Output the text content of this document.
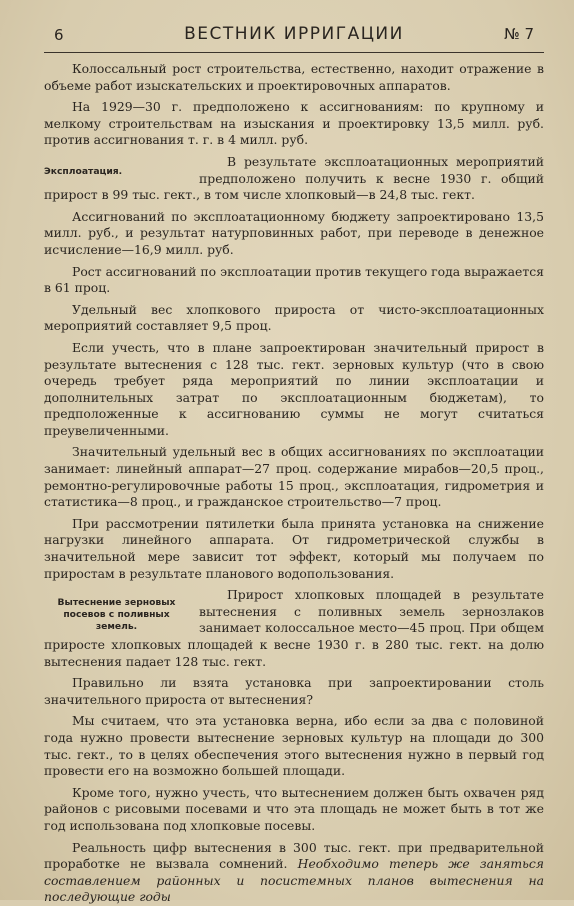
6	ВЕСТНИК ИРРИГАЦИИ	№ 7

Колоссальный рост строительства, естественно, находит отражение в объеме работ изыскательских и проектировочных аппаратов.

На 1929—30 г. предположено к ассигнованиям: по крупному и мелкому строительствам на изыскания и проектировку 13,5 милл. руб. против ассигнования т. г. в 4 милл. руб.

Эксплоатация.

В результате эксплоатационных мероприятий предположено получить к весне 1930 г. общий прирост в 99 тыс. гект., в том числе хлопковый—в 24,8 тыс. гект.

Ассигнований по эксплоатационному бюджету запроектировано 13,5 милл. руб., и результат натурповинных работ, при переводе в денежное исчисление—16,9 милл. руб.

Рост ассигнований по эксплоатации против текущего года выражается в 61 проц.

Удельный вес хлопкового прироста от чисто-эксплоатационных мероприятий составляет 9,5 проц.

Если учесть, что в плане запроектирован значительный прирост в результате вытеснения с 128 тыс. гект. зерновых культур (что в свою очередь требует ряда мероприятий по линии эксплоатации и дополнительных затрат по эксплоатационным бюджетам), то предположенные к ассигнованию суммы не могут считаться преувеличенными.

Значительный удельный вес в общих ассигнованиях по эксплоатации занимает: линейный аппарат—27 проц. содержание мирабов—20,5 проц., ремонтно-регулировочные работы 15 проц., эксплоатация, гидрометрия и статистика—8 проц., и гражданское строительство—7 проц.

При рассмотрении пятилетки была принята установка на снижение нагрузки линейного аппарата. От гидрометрической службы в значительной мере зависит тот эффект, который мы получаем по приростам в результате планового водопользования.

Вытеснение зерновых посевов с поливных земель.

Прирост хлопковых площадей в результате вытеснения с поливных земель зернозлаков занимает колоссальное место—45 проц. При общем приросте хлопковых площадей к весне 1930 г. в 280 тыс. гект. на долю вытеснения падает 128 тыс. гект.

Правильно ли взята установка при запроектировании столь значительного прироста от вытеснения?

Мы считаем, что эта установка верна, ибо если за два с половиной года нужно провести вытеснение зерновых культур на площади до 300 тыс. гект., то в целях обеспечения этого вытеснения нужно в первый год провести его на возможно большей площади.

Кроме того, нужно учесть, что вытеснением должен быть охвачен ряд районов с рисовыми посевами и что эта площадь не может быть в тот же год использована под хлопковые посевы.

Реальность цифр вытеснения в 300 тыс. гект. при предварительной проработке не вызвала сомнений. Необходимо теперь же заняться составлением районных и посистемных планов вытеснения на последующие годы
